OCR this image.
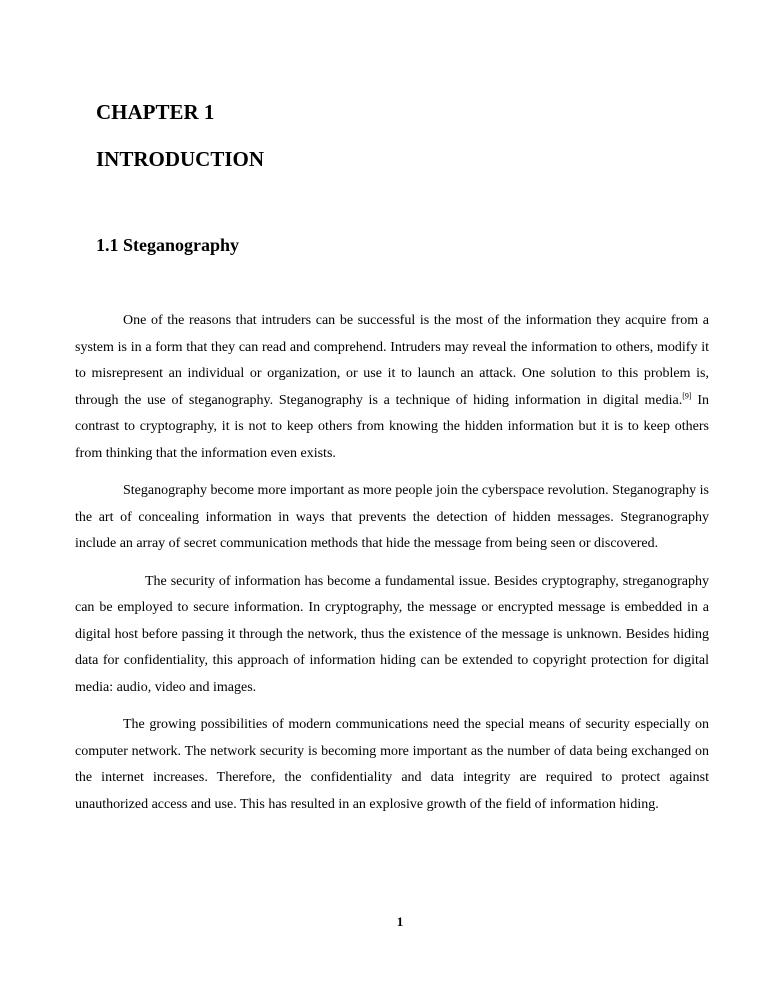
CHAPTER 1
INTRODUCTION
1.1 Steganography

One of the reasons that intruders can be successful is the most of the information they acquire from a system is in a form that they can read and comprehend. Intruders may reveal the information to others, modify it to misrepresent an individual or organization, or use it to launch an attack. One solution to this problem is, through the use of steganography. Steganography is a technique of hiding information in digital media.[9] In contrast to cryptography, it is not to keep others from knowing the hidden information but it is to keep others from thinking that the information even exists.

Steganography become more important as more people join the cyberspace revolution. Steganography is the art of concealing information in ways that prevents the detection of hidden messages. Stegranography include an array of secret communication methods that hide the message from being seen or discovered.

The security of information has become a fundamental issue. Besides cryptography, streganography can be employed to secure information. In cryptography, the message or encrypted message is embedded in a digital host before passing it through the network, thus the existence of the message is unknown. Besides hiding data for confidentiality, this approach of information hiding can be extended to copyright protection for digital media: audio, video and images.

The growing possibilities of modern communications need the special means of security especially on computer network. The network security is becoming more important as the number of data being exchanged on the internet increases. Therefore, the confidentiality and data integrity are required to protect against unauthorized access and use. This has resulted in an explosive growth of the field of information hiding.

1
